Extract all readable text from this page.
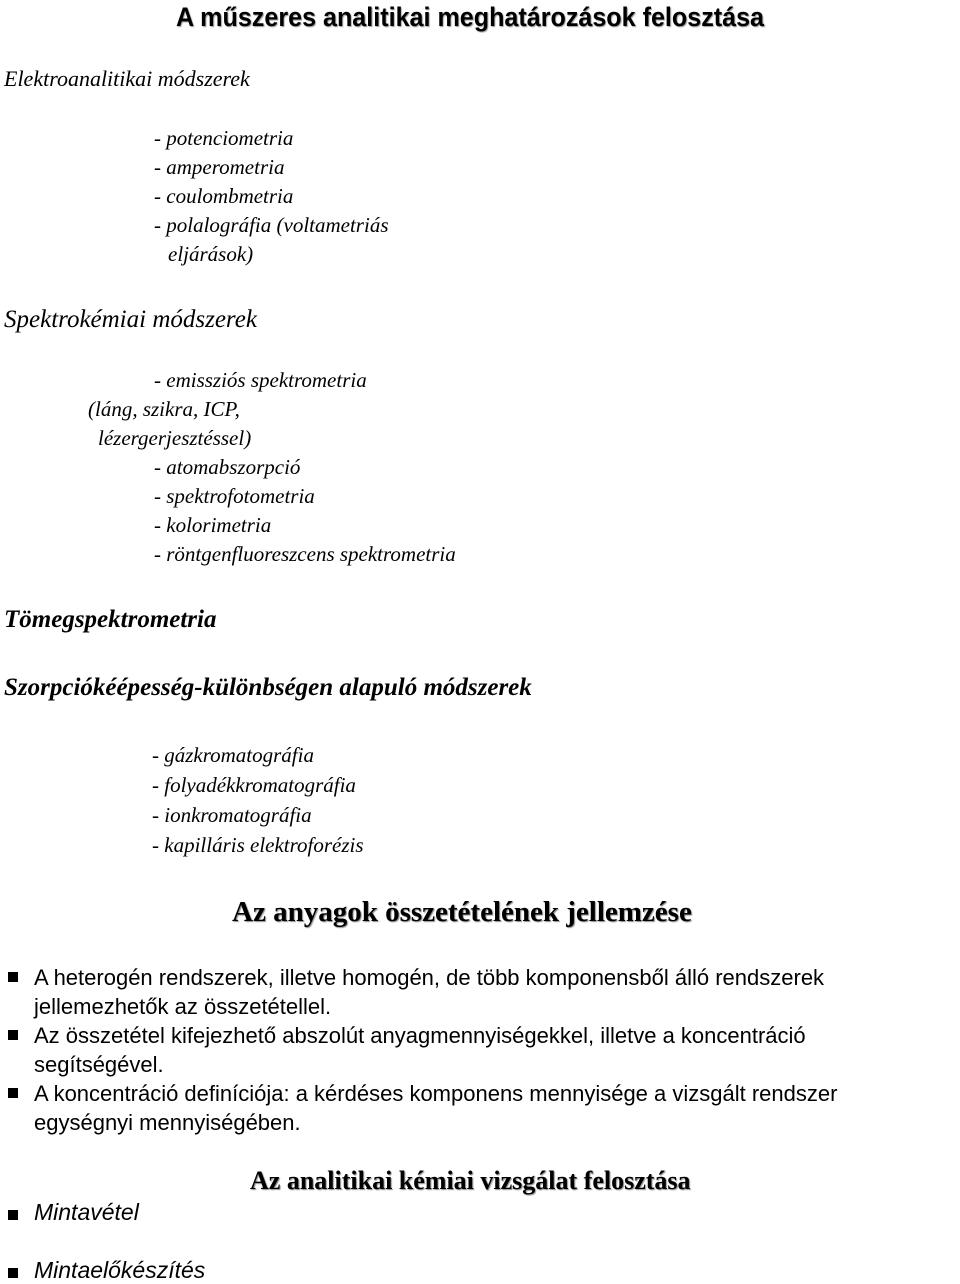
A műszeres analitikai meghatározások felosztása
Elektroanalitikai módszerek
- potenciometria
- amperometria
- coulombmetria
- polalográfia (voltametriás
eljárások)
Spektrokémiai módszerek
- emissziós spektrometria
(láng, szikra, ICP,
lézergerjesztéssel)
- atomabszorpció
- spektrofotometria
- kolorimetria
- röntgenfluoreszcens spektrometria
Tömegspektrometria
Szorpciókéépesség-különbségen alapuló módszerek
- gázkromatográfia
- folyadékkromatográfia
- ionkromatográfia
- kapilláris elektroforézis
Az anyagok összetételének jellemzése
A heterogén rendszerek, illetve homogén, de több komponensből álló rendszerek
jellemezhetők az összetétellel.
Az összetétel kifejezhető abszolút anyagmennyiségekkel, illetve a koncentráció
segítségével.
A koncentráció definíciója: a kérdéses komponens mennyisége a vizsgált rendszer
egységnyi mennyiségében.
Az analitikai kémiai vizsgálat felosztása
Mintavétel
Mintaelőkészítés
